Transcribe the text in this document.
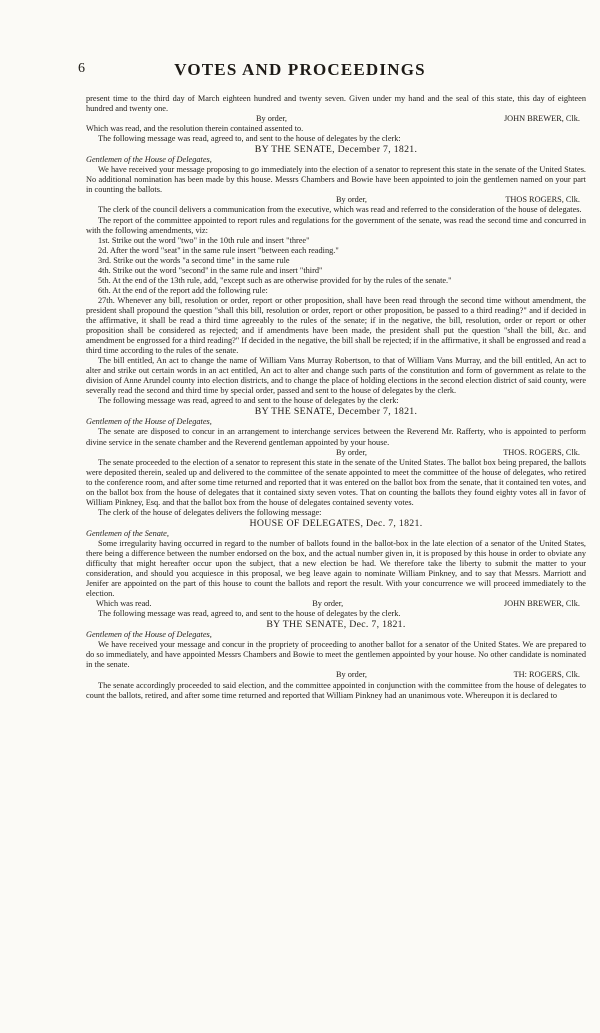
6	VOTES AND PROCEEDINGS

present time to the third day of March eighteen hundred and twenty seven. Given under my hand and the seal of this state, this day of eighteen hundred and twenty one.

By order,	JOHN BREWER, Clk.

Which was read, and the resolution therein contained assented to.

The following message was read, agreed to, and sent to the house of delegates by the clerk:

BY THE SENATE, December 7, 1821.

Gentlemen of the House of Delegates,

We have received your message proposing to go immediately into the election of a senator to represent this state in the senate of the United States. No additional nomination has been made by this house. Messrs Chambers and Bowie have been appointed to join the gentlemen named on your part in counting the ballots.

By order,	THOS ROGERS, Clk.

The clerk of the council delivers a communication from the executive, which was read and referred to the consideration of the house of delegates.

The report of the committee appointed to report rules and regulations for the government of the senate, was read the second time and concurred in with the following amendments, viz:

1st. Strike out the word "two" in the 10th rule and insert "three"

2d. After the word "seat" in the same rule insert "between each reading."

3rd. Strike out the words "a second time" in the same rule

4th. Strike out the word "second" in the same rule and insert "third"

5th. At the end of the 13th rule, add, "except such as are otherwise provided for by the rules of the senate."

6th. At the end of the report add the following rule:

27th. Whenever any bill, resolution or order, report or other proposition, shall have been read through the second time without amendment, the president shall propound the question "shall this bill, resolution or order, report or other proposition, be passed to a third reading?" and if decided in the affirmative, it shall be read a third time agreeably to the rules of the senate; if in the negative, the bill, resolution, order or report or other proposition shall be considered as rejected; and if amendments have been made, the president shall put the question "shall the bill, &c. and amendment be engrossed for a third reading?" If decided in the negative, the bill shall be rejected; if in the affirmative, it shall be engrossed and read a third time according to the rules of the senate.

The bill entitled, An act to change the name of William Vans Murray Robertson, to that of William Vans Murray, and the bill entitled, An act to alter and strike out certain words in an act entitled, An act to alter and change such parts of the constitution and form of government as relate to the division of Anne Arundel county into election districts, and to change the place of holding elections in the second election district of said county, were severally read the second and third time by special order, passed and sent to the house of delegates by the clerk.

The following message was read, agreed to and sent to the house of delegates by the clerk:

BY THE SENATE, December 7, 1821.

Gentlemen of the House of Delegates,

The senate are disposed to concur in an arrangement to interchange services between the Reverend Mr. Rafferty, who is appointed to perform divine service in the senate chamber and the Reverend gentleman appointed by your house.

By order,	THOS. ROGERS, Clk.

The senate proceeded to the election of a senator to represent this state in the senate of the United States. The ballot box being prepared, the ballots were deposited therein, sealed up and delivered to the committee of the senate appointed to meet the committee of the house of delegates, who retired to the conference room, and after some time returned and reported that it was entered on the ballot box from the senate, that it contained ten votes, and on the ballot box from the house of delegates that it contained sixty seven votes. That on counting the ballots they found eighty votes all in favor of William Pinkney, Esq. and that the ballot box from the house of delegates contained seventy votes.

The clerk of the house of delegates delivers the following message:

HOUSE OF DELEGATES, Dec. 7, 1821.

Gentlemen of the Senate,

Some irregularity having occurred in regard to the number of ballots found in the ballot-box in the late election of a senator of the United States, there being a difference between the number endorsed on the box, and the actual number given in, it is proposed by this house in order to obviate any difficulty that might hereafter occur upon the subject, that a new election be had. We therefore take the liberty to submit the matter to your consideration, and should you acquiesce in this proposal, we beg leave again to nominate William Pinkney, and to say that Messrs. Marriott and Jenifer are appointed on the part of this house to count the ballots and report the result. With your concurrence we will proceed immediately to the election.

Which was read.	By order,	JOHN BREWER, Clk.

The following message was read, agreed to, and sent to the house of delegates by the clerk.

BY THE SENATE, Dec. 7, 1821.

Gentlemen of the House of Delegates,

We have received your message and concur in the propriety of proceeding to another ballot for a senator of the United States. We are prepared to do so immediately, and have appointed Messrs Chambers and Bowie to meet the gentlemen appointed by your house. No other candidate is nominated in the senate.

By order,	TH: ROGERS, Clk.

The senate accordingly proceeded to said election, and the committee appointed in conjunction with the committee from the house of delegates to count the ballots, retired, and after some time returned and reported that William Pinkney had an unanimous vote. Whereupon it is declared to
